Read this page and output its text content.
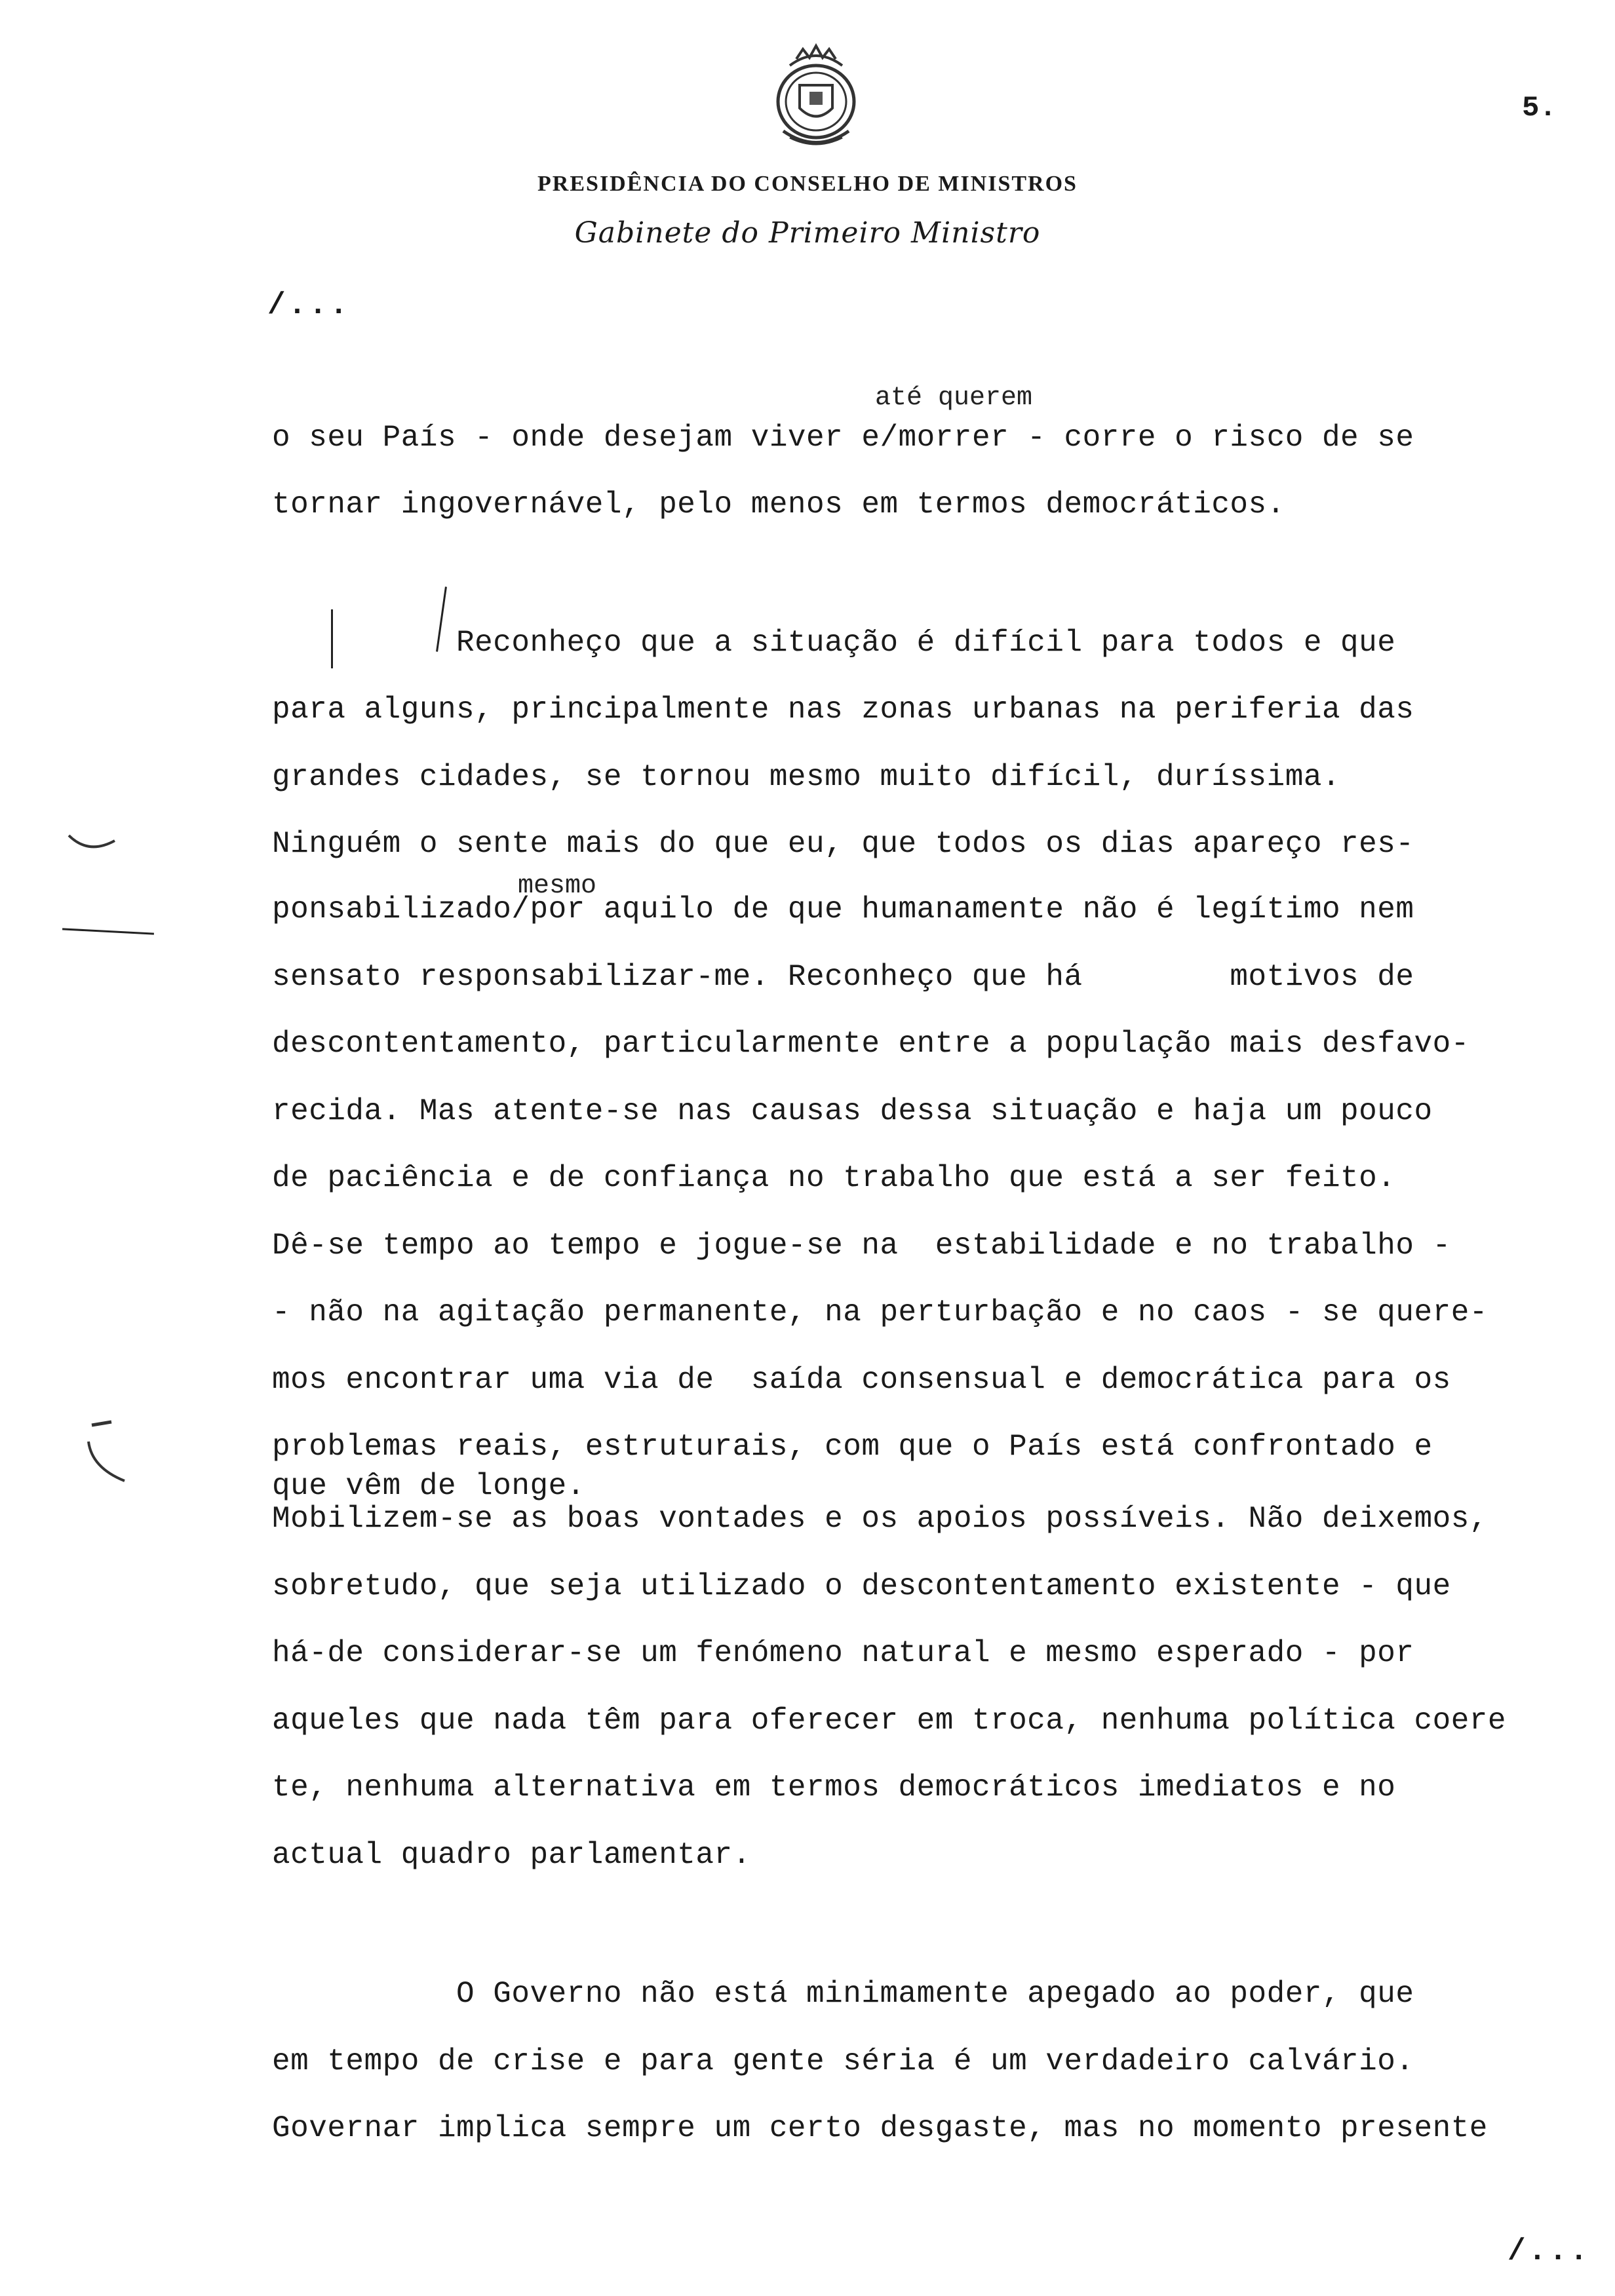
5.
PRESIDÊNCIA DO CONSELHO DE MINISTROS
Gabinete do Primeiro Ministro
/...
até querem
o seu País - onde desejam viver e/morrer - corre o risco de se
tornar ingovernável, pelo menos em termos democráticos.
Reconheço que a situação é difícil para todos e que
para alguns, principalmente nas zonas urbanas na periferia das
grandes cidades, se tornou mesmo muito difícil, duríssima.
Ninguém o sente mais do que eu, que todos os dias apareço res-
mesmo
ponsabilizado/por aquilo de que humanamente não é legítimo nem
sensato responsabilizar-me. Reconheço que há        motivos de
descontentamento, particularmente entre a população mais desfavo-
recida. Mas atente-se nas causas dessa situação e haja um pouco
de paciência e de confiança no trabalho que está a ser feito.
Dê-se tempo ao tempo e jogue-se na  estabilidade e no trabalho -
- não na agitação permanente, na perturbação e no caos - se quere-
mos encontrar uma via de  saída consensual e democrática para os
problemas reais, estruturais, com que o País está confrontado e
que vêm de longe.
Mobilizem-se as boas vontades e os apoios possíveis. Não deixemos,
sobretudo, que seja utilizado o descontentamento existente - que
há-de considerar-se um fenómeno natural e mesmo esperado - por
aqueles que nada têm para oferecer em troca, nenhuma política coere
te, nenhuma alternativa em termos democráticos imediatos e no
actual quadro parlamentar.
O Governo não está minimamente apegado ao poder, que
em tempo de crise e para gente séria é um verdadeiro calvário.
Governar implica sempre um certo desgaste, mas no momento presente
/...
